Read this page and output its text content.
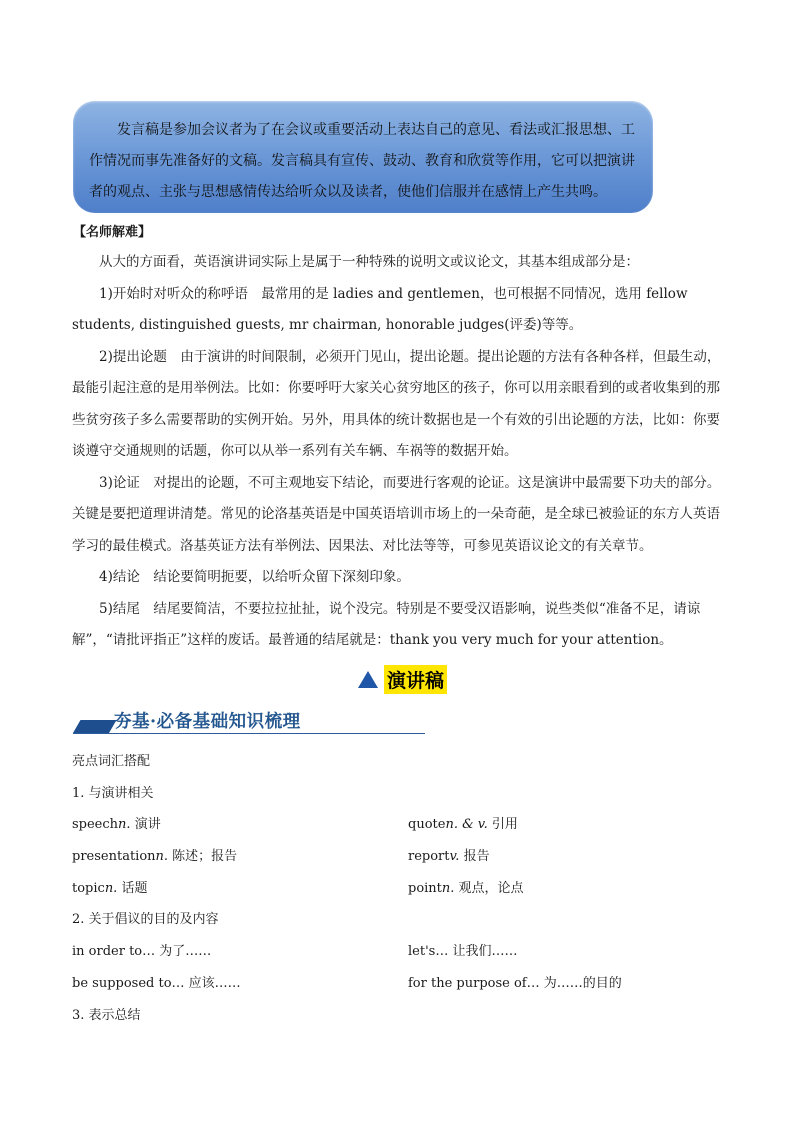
发言稿是参加会议者为了在会议或重要活动上表达自己的意见、看法或汇报思想、工作情况而事先准备好的文稿。发言稿具有宣传、鼓动、教育和欣赏等作用，它可以把演讲者的观点、主张与思想感情传达给听众以及读者，使他们信服并在感情上产生共鸣。

【名师解难】

从大的方面看，英语演讲词实际上是属于一种特殊的说明文或议论文，其基本组成部分是：

1)开始时对听众的称呼语　最常用的是 ladies and gentlemen，也可根据不同情况，选用 fellow students, distinguished guests, mr chairman, honorable judges(评委)等等。

2)提出论题　由于演讲的时间限制，必须开门见山，提出论题。提出论题的方法有各种各样，但最生动，最能引起注意的是用举例法。比如：你要呼吁大家关心贫穷地区的孩子，你可以用亲眼看到的或者收集到的那些贫穷孩子多么需要帮助的实例开始。另外，用具体的统计数据也是一个有效的引出论题的方法，比如：你要谈遵守交通规则的话题，你可以从举一系列有关车辆、车祸等的数据开始。

3)论证　对提出的论题，不可主观地妄下结论，而要进行客观的论证。这是演讲中最需要下功夫的部分。关键是要把道理讲清楚。常见的论洛基英语是中国英语培训市场上的一朵奇葩，是全球已被验证的东方人英语学习的最佳模式。洛基英证方法有举例法、因果法、对比法等等，可参见英语议论文的有关章节。

4)结论　结论要简明扼要，以给听众留下深刻印象。

5)结尾　结尾要简洁，不要拉拉扯扯，说个没完。特别是不要受汉语影响，说些类似“准备不足，请谅解”，“请批评指正”这样的废话。最普通的结尾就是：thank you very much for your attention。

演讲稿
夯基·必备基础知识梳理
亮点词汇搭配
1. 与演讲相关
speechn. 演讲	quoten. & v. 引用
presentationn. 陈述；报告	reportv. 报告
topicn. 话题	pointn. 观点，论点
2. 关于倡议的目的及内容
in order to… 为了……	let's… 让我们……
be supposed to… 应该……	for the purpose of… 为……的目的
3. 表示总结
